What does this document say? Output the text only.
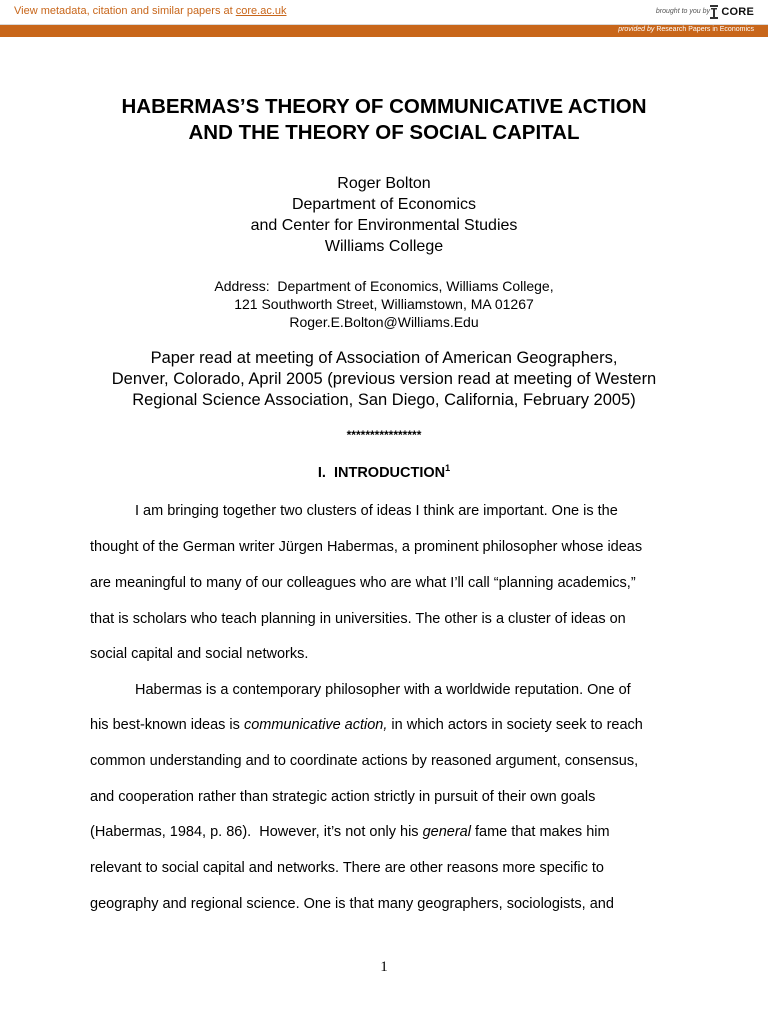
View metadata, citation and similar papers at core.ac.uk	brought to you by CORE
provided by Research Papers in Economics
HABERMAS’S THEORY OF COMMUNICATIVE ACTION
AND THE THEORY OF SOCIAL CAPITAL
Roger Bolton
Department of Economics
and Center for Environmental Studies
Williams College
Address:  Department of Economics, Williams College,
121 Southworth Street, Williamstown, MA 01267
Roger.E.Bolton@Williams.Edu
Paper read at meeting of Association of American Geographers,
Denver, Colorado, April 2005 (previous version read at meeting of Western
Regional Science Association, San Diego, California, February 2005)
****************
I.  INTRODUCTION$^1$
I am bringing together two clusters of ideas I think are important. One is the
thought of the German writer Jürgen Habermas, a prominent philosopher whose ideas
are meaningful to many of our colleagues who are what I’ll call “planning academics,”
that is scholars who teach planning in universities. The other is a cluster of ideas on
social capital and social networks.
Habermas is a contemporary philosopher with a worldwide reputation. One of
his best-known ideas is communicative action, in which actors in society seek to reach
common understanding and to coordinate actions by reasoned argument, consensus,
and cooperation rather than strategic action strictly in pursuit of their own goals
(Habermas, 1984, p. 86).  However, it’s not only his general fame that makes him
relevant to social capital and networks. There are other reasons more specific to
geography and regional science. One is that many geographers, sociologists, and
1
